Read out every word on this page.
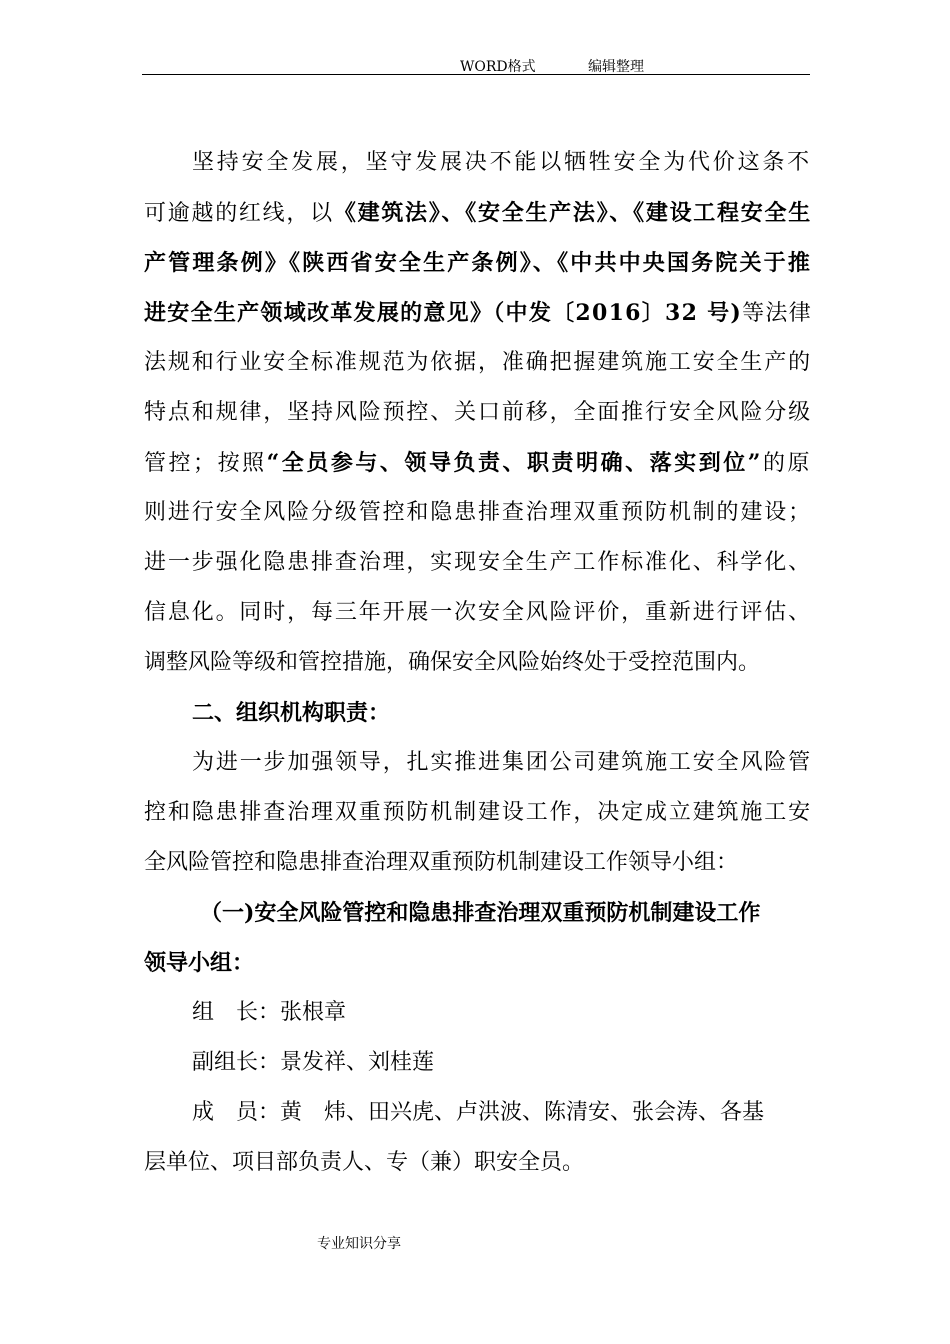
WORD格式	编辑整理
坚持安全发展，坚守发展决不能以牺牲安全为代价这条不
可逾越的红线，以《建筑法》、《安全生产法》、《建设工程安全生
产管理条例》《陕西省安全生产条例》、《中共中央国务院关于推
进安全生产领域改革发展的意见》（中发〔2016〕32 号)等法律
法规和行业安全标准规范为依据，准确把握建筑施工安全生产的
特点和规律，坚持风险预控、关口前移，全面推行安全风险分级
管控；按照“全员参与、领导负责、职责明确、落实到位”的原
则进行安全风险分级管控和隐患排查治理双重预防机制的建设；
进一步强化隐患排查治理，实现安全生产工作标准化、科学化、
信息化。同时，每三年开展一次安全风险评价，重新进行评估、
调整风险等级和管控措施，确保安全风险始终处于受控范围内。
二、组织机构职责：
为进一步加强领导，扎实推进集团公司建筑施工安全风险管
控和隐患排查治理双重预防机制建设工作，决定成立建筑施工安
全风险管控和隐患排查治理双重预防机制建设工作领导小组：
（一)安全风险管控和隐患排查治理双重预防机制建设工作
领导小组：
组　长：张根章
副组长：景发祥、刘桂莲
成　员：黄　炜、田兴虎、卢洪波、陈清安、张会涛、各基
层单位、项目部负责人、专（兼）职安全员。
专业知识分享
